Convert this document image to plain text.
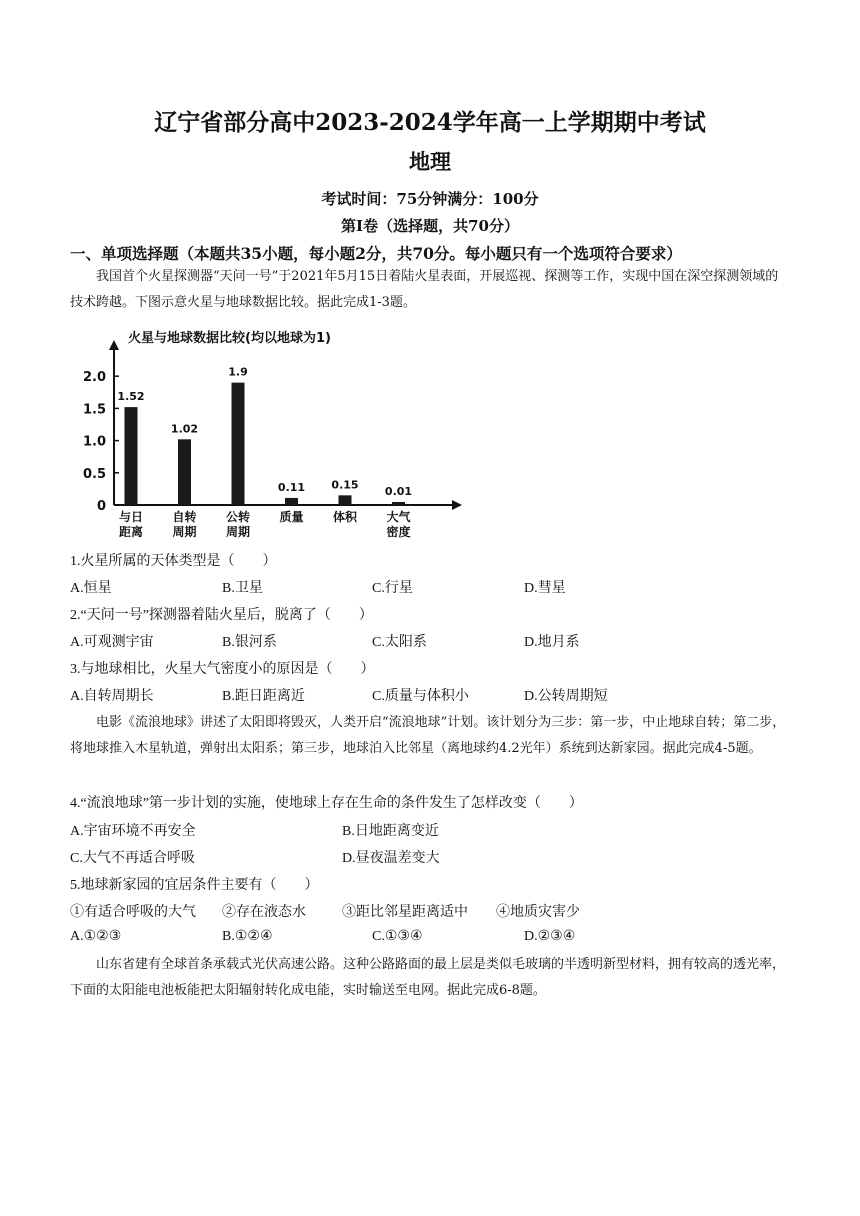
辽宁省部分高中2023-2024学年高一上学期期中考试
地理
考试时间：75分钟满分：100分
第Ⅰ卷（选择题，共70分）
一、单项选择题（本题共35小题，每小题2分，共70分。每小题只有一个选项符合要求）
我国首个火星探测器“天问一号”于2021年5月15日着陆火星表面，开展巡视、探测等工作，实现中国在深空探测领域的技术跨越。下图示意火星与地球数据比较。据此完成1-3题。
火星与地球数据比较(均以地球为1)
0
0.5
1.0
1.5
2.0
1.52
与日
距离
1.02
自转
周期
1.9
公转
周期
0.11
质量
0.15
体积
0.01
大气
密度
1.火星所属的天体类型是（　　）
A.恒星	B.卫星	C.行星	D.彗星
2.“天问一号”探测器着陆火星后，脱离了（　　）
A.可观测宇宙	B.银河系	C.太阳系	D.地月系
3.与地球相比，火星大气密度小的原因是（　　）
A.自转周期长	B.距日距离近	C.质量与体积小	D.公转周期短
电影《流浪地球》讲述了太阳即将毁灭，人类开启“流浪地球”计划。该计划分为三步：第一步，中止地球自转；第二步，将地球推入木星轨道，弹射出太阳系；第三步，地球泊入比邻星（离地球约4.2光年）系统到达新家园。据此完成4-5题。
4.“流浪地球”第一步计划的实施，使地球上存在生命的条件发生了怎样改变（　　）
A.宇宙环境不再安全	B.日地距离变近
C.大气不再适合呼吸	D.昼夜温差变大
5.地球新家园的宜居条件主要有（　　）
①有适合呼吸的大气 ②存在液态水	③距比邻星距离适中 ④地质灾害少
A.①②③	B.①②④	C.①③④	D.②③④
山东省建有全球首条承载式光伏高速公路。这种公路路面的最上层是类似毛玻璃的半透明新型材料，拥有较高的透光率，下面的太阳能电池板能把太阳辐射转化成电能，实时输送至电网。据此完成6-8题。
